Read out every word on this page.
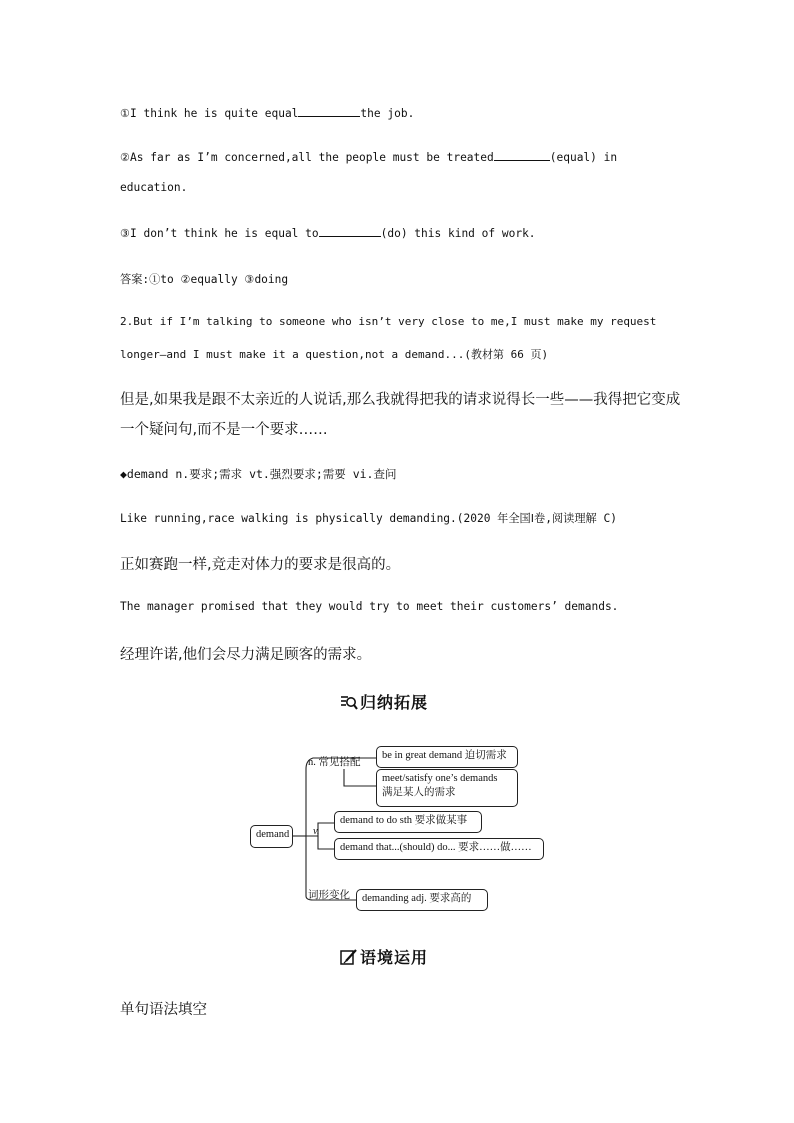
①I think he is quite equal	the job.
②As far as I’m concerned,all the people must be treated	(equal) in
education.
③I don’t think he is equal to	(do) this kind of work.
答案:①to ②equally ③doing
2.But if I’m talking to someone who isn’t very close to me,I must make my request
longer—and I must make it a question,not a demand...(教材第 66 页)
但是,如果我是跟不太亲近的人说话,那么我就得把我的请求说得长一些——我得把它变成
一个疑问句,而不是一个要求……
◆demand n.要求;需求 vt.强烈要求;需要 vi.查问
Like running,race walking is physically demanding.(2020 年全国Ⅰ卷,阅读理解 C)
正如赛跑一样,竞走对体力的要求是很高的。
The manager promised that they would try to meet their customers’ demands.
经理许诺,他们会尽力满足顾客的需求。
归纳拓展
demand
n. 常见搭配
be in great demand 迫切需求
meet/satisfy one’s demands
满足某人的需求
v.
demand to do sth 要求做某事
demand that...(should) do... 要求……做……
词形变化	demanding adj. 要求高的
语境运用
单句语法填空
